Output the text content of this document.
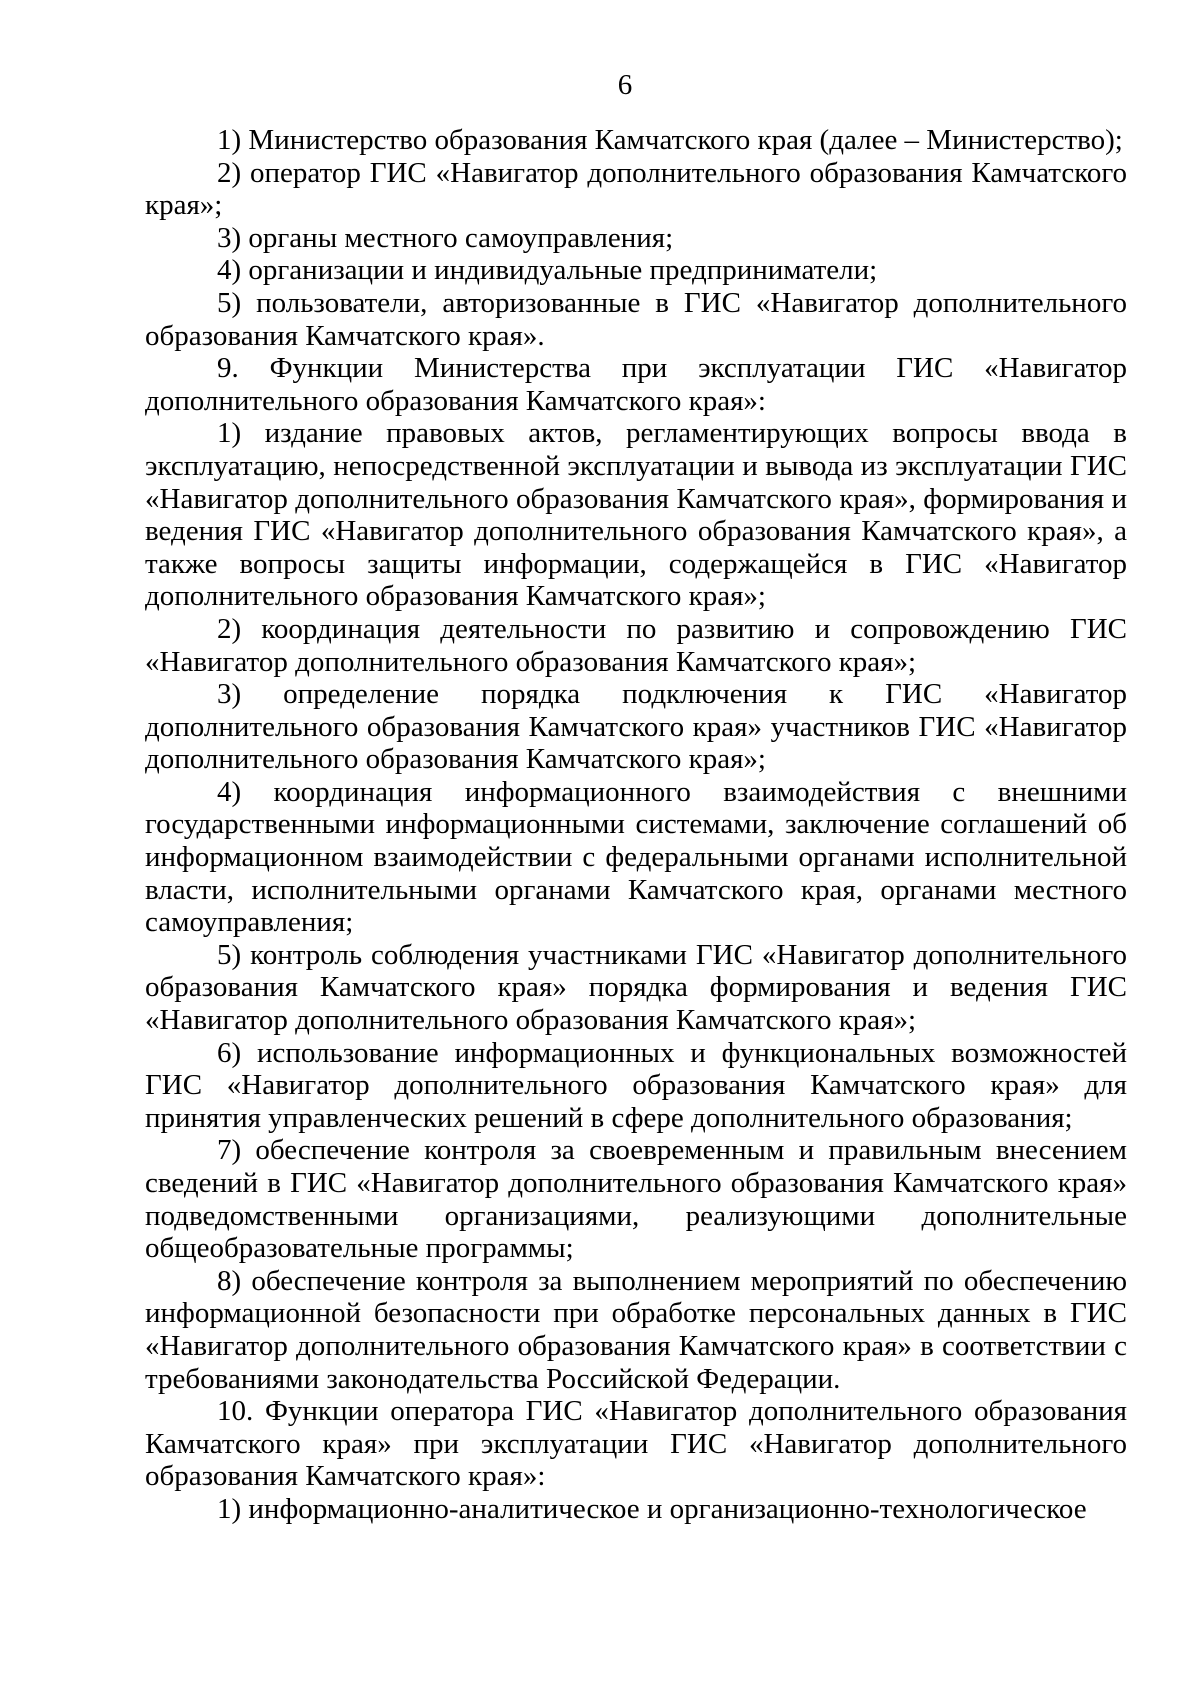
6

1) Министерство образования Камчатского края (далее – Министерство);

2) оператор ГИС «Навигатор дополнительного образования Камчатского края»;

3) органы местного самоуправления;

4) организации и индивидуальные предприниматели;

5) пользователи, авторизованные в ГИС «Навигатор дополнительного образования Камчатского края».

9. Функции Министерства при эксплуатации ГИС «Навигатор дополнительного образования Камчатского края»:

1) издание правовых актов, регламентирующих вопросы ввода в эксплуатацию, непосредственной эксплуатации и вывода из эксплуатации ГИС «Навигатор дополнительного образования Камчатского края», формирования и ведения ГИС «Навигатор дополнительного образования Камчатского края», а также вопросы защиты информации, содержащейся в ГИС «Навигатор дополнительного образования Камчатского края»;

2) координация деятельности по развитию и сопровождению ГИС «Навигатор дополнительного образования Камчатского края»;

3) определение порядка подключения к ГИС «Навигатор дополнительного образования Камчатского края» участников ГИС «Навигатор дополнительного образования Камчатского края»;

4) координация информационного взаимодействия с внешними государственными информационными системами, заключение соглашений об информационном взаимодействии с федеральными органами исполнительной власти, исполнительными органами Камчатского края, органами местного самоуправления;

5) контроль соблюдения участниками ГИС «Навигатор дополнительного образования Камчатского края» порядка формирования и ведения ГИС «Навигатор дополнительного образования Камчатского края»;

6) использование информационных и функциональных возможностей ГИС «Навигатор дополнительного образования Камчатского края» для принятия управленческих решений в сфере дополнительного образования;

7) обеспечение контроля за своевременным и правильным внесением сведений в ГИС «Навигатор дополнительного образования Камчатского края» подведомственными организациями, реализующими дополнительные общеобразовательные программы;

8) обеспечение контроля за выполнением мероприятий по обеспечению информационной безопасности при обработке персональных данных в ГИС «Навигатор дополнительного образования Камчатского края» в соответствии с требованиями законодательства Российской Федерации.

10. Функции оператора ГИС «Навигатор дополнительного образования Камчатского края» при эксплуатации ГИС «Навигатор дополнительного образования Камчатского края»:

1) информационно-аналитическое и организационно-технологическое
